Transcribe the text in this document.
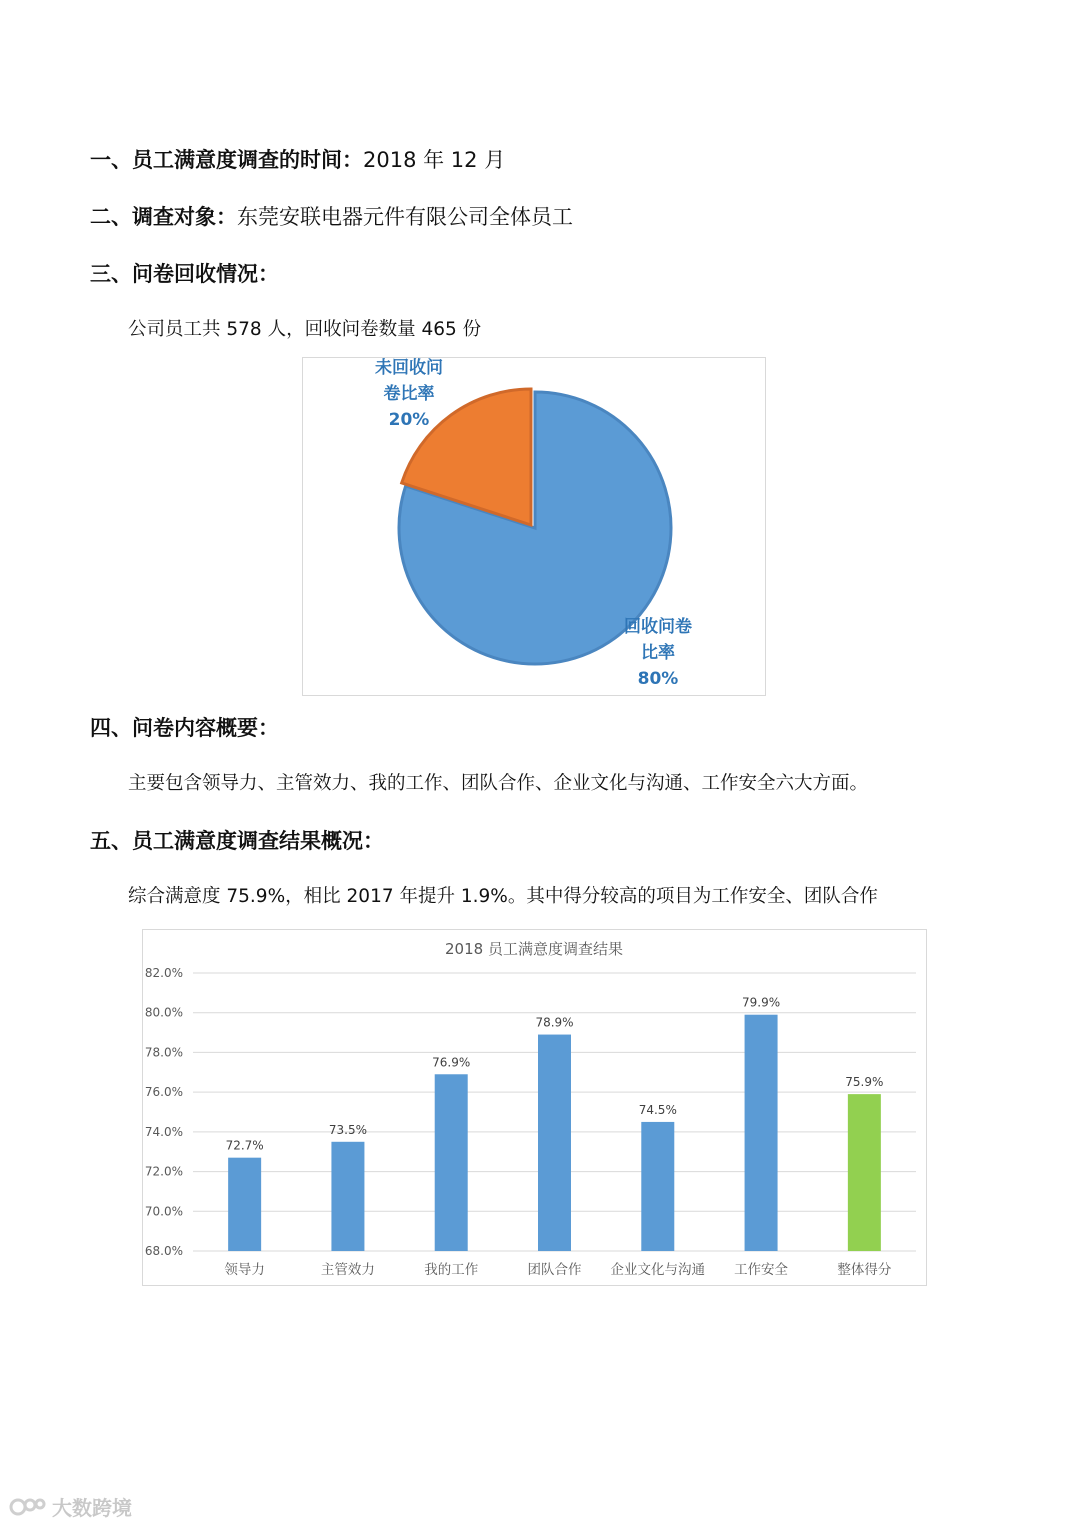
一、员工满意度调查的时间：2018 年 12 月
二、调查对象：东莞安联电器元件有限公司全体员工
三、问卷回收情况：
公司员工共 578 人，回收问卷数量 465 份
回收问卷
比率
80%
未回收问
卷比率
20%
四、问卷内容概要：
主要包含领导力、主管效力、我的工作、团队合作、企业文化与沟通、工作安全六大方面。
五、员工满意度调查结果概况：
综合满意度 75.9%，相比 2017 年提升 1.9%。其中得分较高的项目为工作安全、团队合作
2018 员工满意度调查结果
68.0%
70.0%
72.0%
74.0%
76.0%
78.0%
80.0%
82.0%
72.7%
领导力
73.5%
主管效力
76.9%
我的工作
78.9%
团队合作
74.5%
企业文化与沟通
79.9%
工作安全
75.9%
整体得分
大数跨境
